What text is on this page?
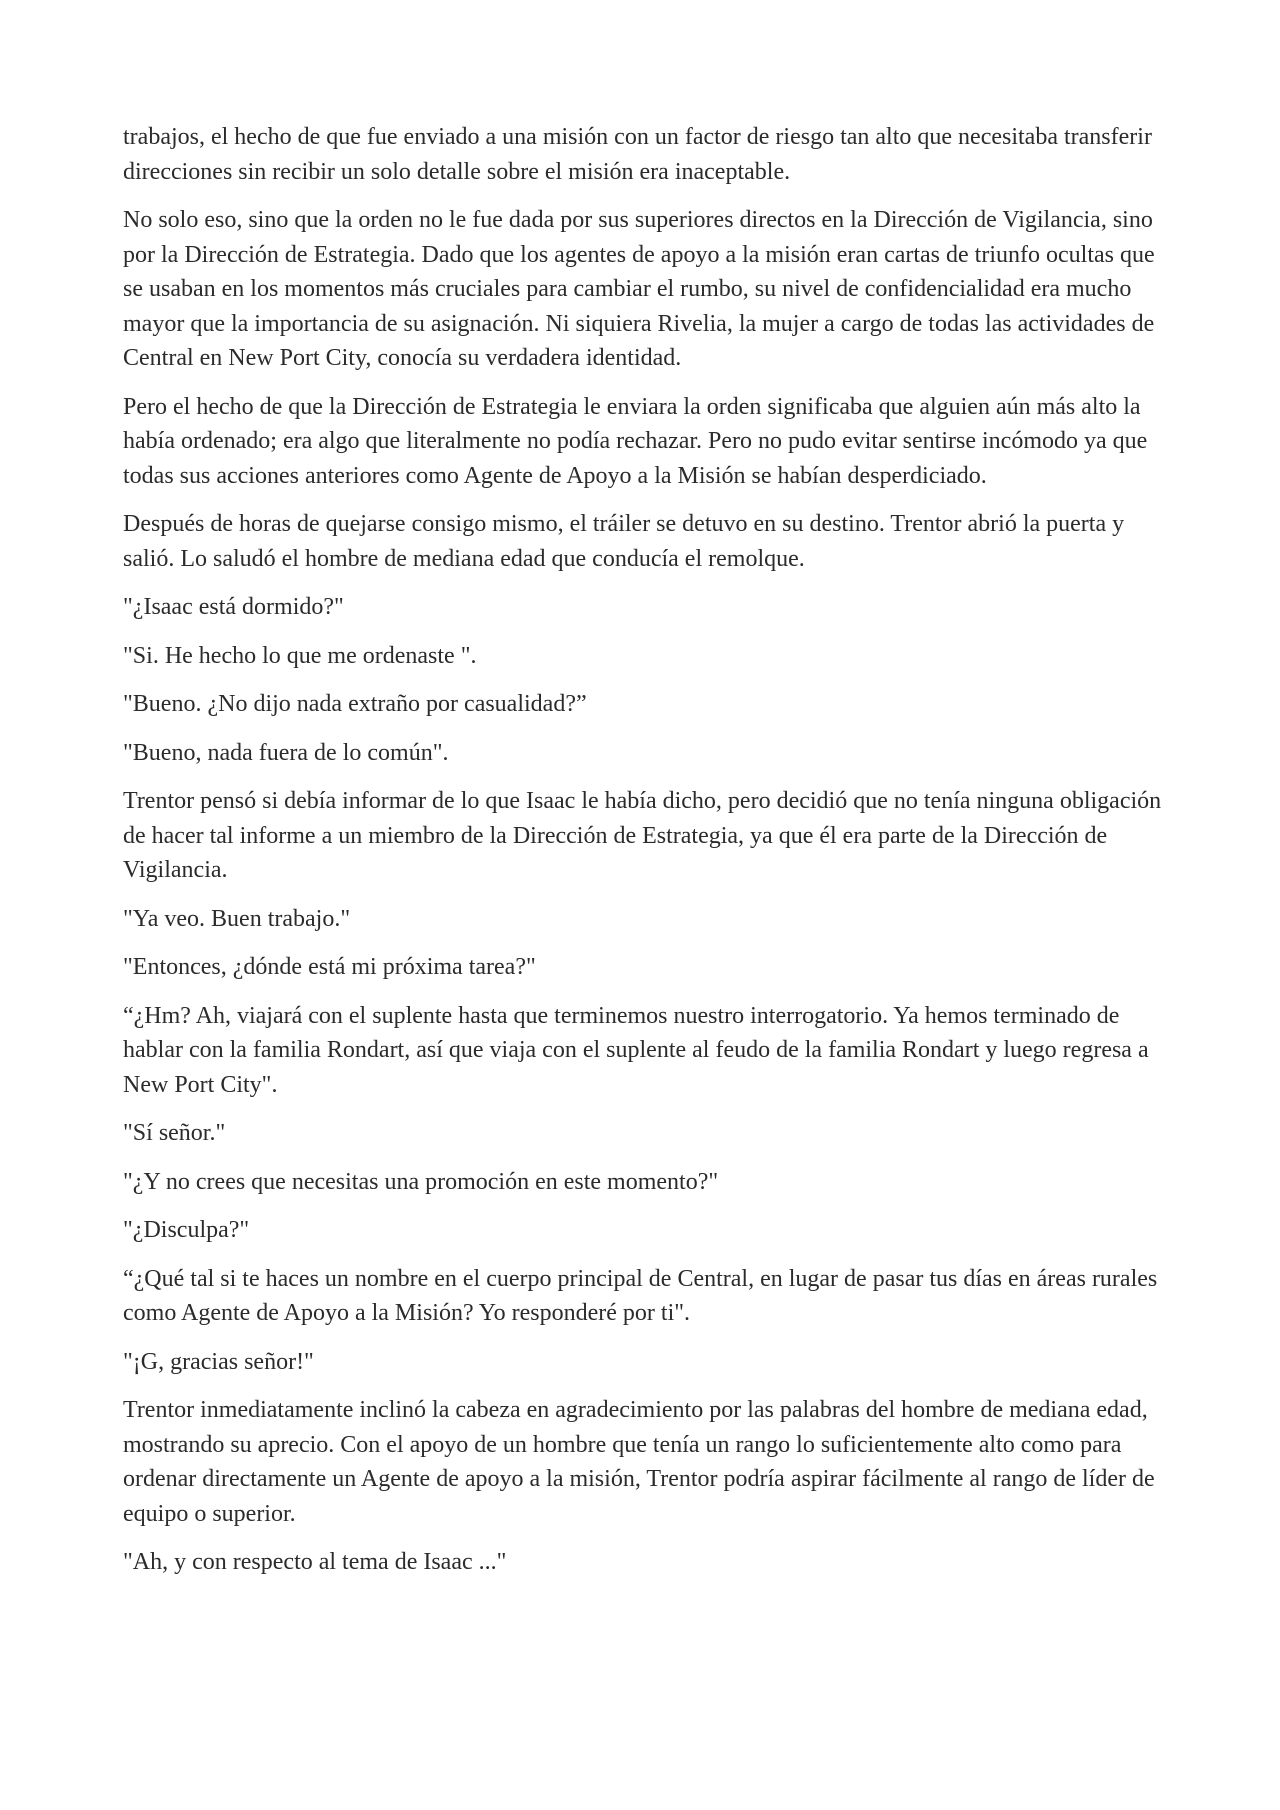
trabajos, el hecho de que fue enviado a una misión con un factor de riesgo tan alto que necesitaba transferir direcciones sin recibir un solo detalle sobre el misión era inaceptable.

No solo eso, sino que la orden no le fue dada por sus superiores directos en la Dirección de Vigilancia, sino por la Dirección de Estrategia. Dado que los agentes de apoyo a la misión eran cartas de triunfo ocultas que se usaban en los momentos más cruciales para cambiar el rumbo, su nivel de confidencialidad era mucho mayor que la importancia de su asignación. Ni siquiera Rivelia, la mujer a cargo de todas las actividades de Central en New Port City, conocía su verdadera identidad.

Pero el hecho de que la Dirección de Estrategia le enviara la orden significaba que alguien aún más alto la había ordenado; era algo que literalmente no podía rechazar. Pero no pudo evitar sentirse incómodo ya que todas sus acciones anteriores como Agente de Apoyo a la Misión se habían desperdiciado.

Después de horas de quejarse consigo mismo, el tráiler se detuvo en su destino. Trentor abrió la puerta y salió. Lo saludó el hombre de mediana edad que conducía el remolque.

"¿Isaac está dormido?"

"Si. He hecho lo que me ordenaste ".

"Bueno. ¿No dijo nada extraño por casualidad?”

"Bueno, nada fuera de lo común".

Trentor pensó si debía informar de lo que Isaac le había dicho, pero decidió que no tenía ninguna obligación de hacer tal informe a un miembro de la Dirección de Estrategia, ya que él era parte de la Dirección de Vigilancia.

"Ya veo. Buen trabajo."

"Entonces, ¿dónde está mi próxima tarea?"

“¿Hm? Ah, viajará con el suplente hasta que terminemos nuestro interrogatorio. Ya hemos terminado de hablar con la familia Rondart, así que viaja con el suplente al feudo de la familia Rondart y luego regresa a New Port City".

"Sí señor."

"¿Y no crees que necesitas una promoción en este momento?"

"¿Disculpa?"

“¿Qué tal si te haces un nombre en el cuerpo principal de Central, en lugar de pasar tus días en áreas rurales como Agente de Apoyo a la Misión? Yo responderé por ti".

"¡G, gracias señor!"

Trentor inmediatamente inclinó la cabeza en agradecimiento por las palabras del hombre de mediana edad, mostrando su aprecio. Con el apoyo de un hombre que tenía un rango lo suficientemente alto como para ordenar directamente un Agente de apoyo a la misión, Trentor podría aspirar fácilmente al rango de líder de equipo o superior.

"Ah, y con respecto al tema de Isaac ..."
